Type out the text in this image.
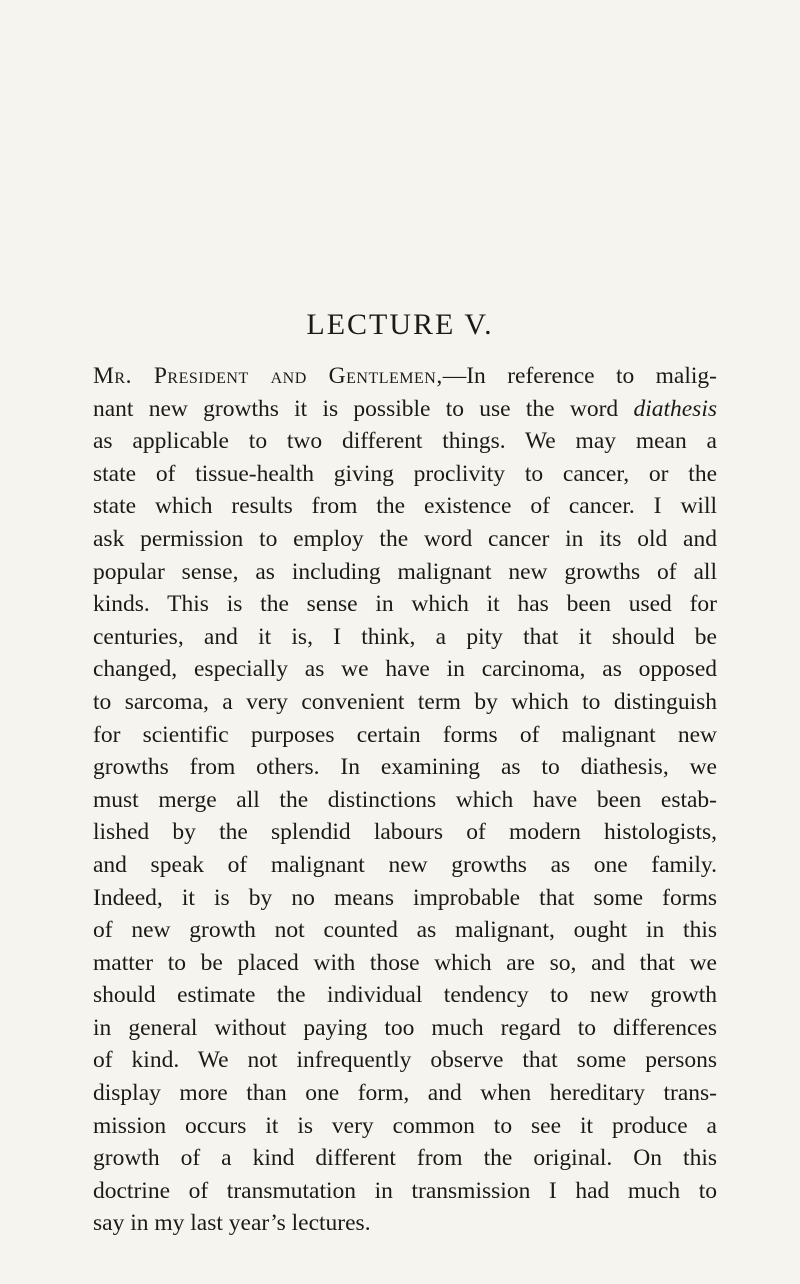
LECTURE V.
Mr. President and Gentlemen,—In reference to malig-
nant new growths it is possible to use the word diathesis
as applicable to two different things. We may mean a
state of tissue-health giving proclivity to cancer, or the
state which results from the existence of cancer. I will
ask permission to employ the word cancer in its old and
popular sense, as including malignant new growths of all
kinds. This is the sense in which it has been used for
centuries, and it is, I think, a pity that it should be
changed, especially as we have in carcinoma, as opposed
to sarcoma, a very convenient term by which to distinguish
for scientific purposes certain forms of malignant new
growths from others. In examining as to diathesis, we
must merge all the distinctions which have been estab-
lished by the splendid labours of modern histologists,
and speak of malignant new growths as one family.
Indeed, it is by no means improbable that some forms
of new growth not counted as malignant, ought in this
matter to be placed with those which are so, and that we
should estimate the individual tendency to new growth
in general without paying too much regard to differences
of kind. We not infrequently observe that some persons
display more than one form, and when hereditary trans-
mission occurs it is very common to see it produce a
growth of a kind different from the original. On this
doctrine of transmutation in transmission I had much to
say in my last year’s lectures.
